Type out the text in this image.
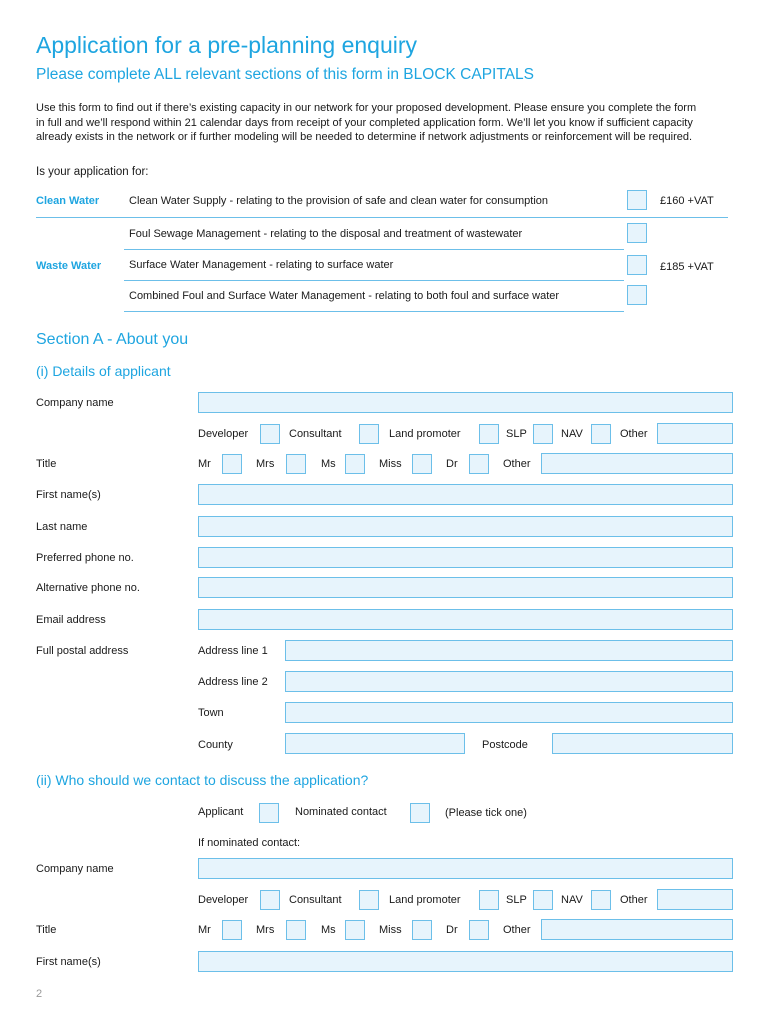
Application for a pre-planning enquiry
Please complete ALL relevant sections of this form in BLOCK CAPITALS
Use this form to find out if there’s existing capacity in our network for your proposed development. Please ensure you complete the form in full and we’ll respond within 21 calendar days from receipt of your completed application form. We’ll let you know if sufficient capacity already exists in the network or if further modeling will be needed to determine if network adjustments or reinforcement will be required.
Is your application for:
Clean Water	Clean Water Supply - relating to the provision of safe and clean water for consumption	£160 +VAT
Foul Sewage Management - relating to the disposal and treatment of wastewater
Waste Water	Surface Water Management - relating to surface water	£185 +VAT
Combined Foul and Surface Water Management - relating to both foul and surface water
Section A - About you
(i) Details of applicant
Company name
Developer	Consultant	Land promoter	SLP	NAV	Other
Title	Mr	Mrs	Ms	Miss	Dr	Other
First name(s)
Last name
Preferred phone no.
Alternative phone no.
Email address
Full postal address	Address line 1
Address line 2
Town
County	Postcode
(ii) Who should we contact to discuss the application?
Applicant	Nominated contact	(Please tick one)
If nominated contact:
Company name
Developer	Consultant	Land promoter	SLP	NAV	Other
Title	Mr	Mrs	Ms	Miss	Dr	Other
First name(s)
2
